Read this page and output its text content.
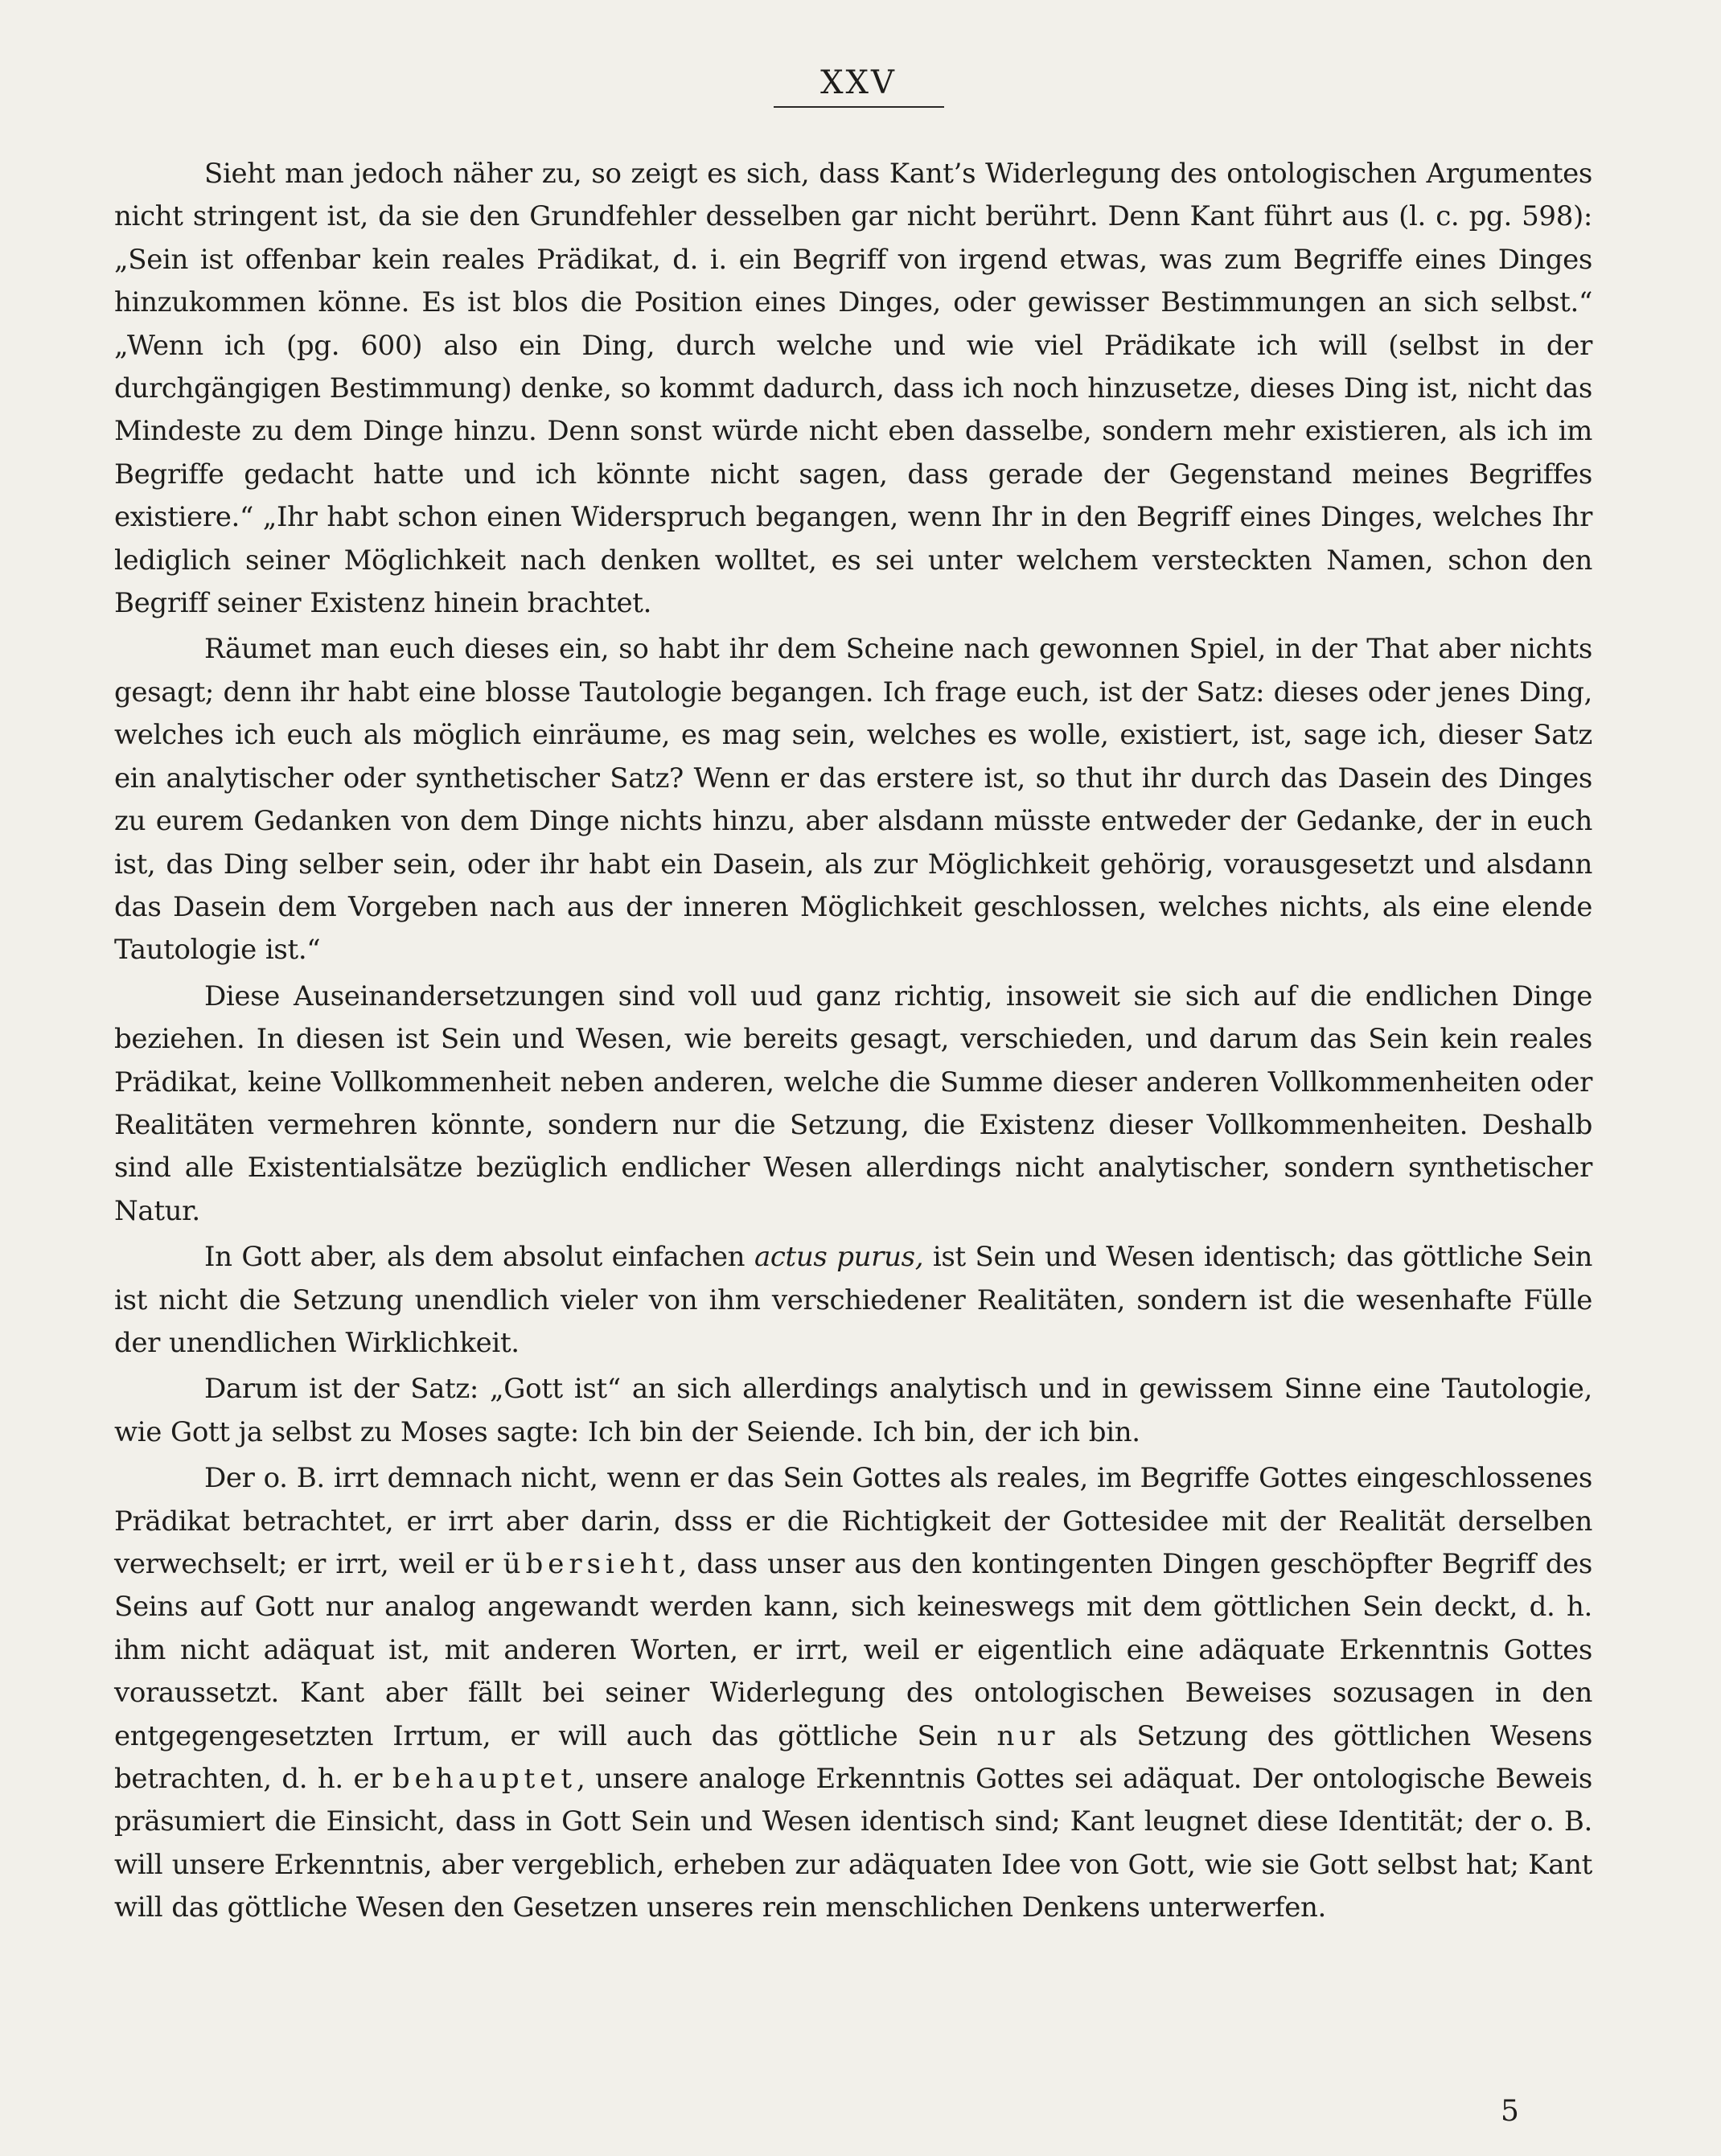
XXV

Sieht man jedoch näher zu, so zeigt es sich, dass Kant’s Widerlegung des ontologischen Argumentes nicht stringent ist, da sie den Grundfehler desselben gar nicht berührt. Denn Kant führt aus (l. c. pg. 598): „Sein ist offenbar kein reales Prädikat, d. i. ein Begriff von irgend etwas, was zum Begriffe eines Dinges hinzukommen könne. Es ist blos die Position eines Dinges, oder gewisser Bestimmungen an sich selbst.“ „Wenn ich (pg. 600) also ein Ding, durch welche und wie viel Prädikate ich will (selbst in der durchgängigen Bestimmung) denke, so kommt dadurch, dass ich noch hinzusetze, dieses Ding ist, nicht das Mindeste zu dem Dinge hinzu. Denn sonst würde nicht eben dasselbe, sondern mehr existieren, als ich im Begriffe gedacht hatte und ich könnte nicht sagen, dass gerade der Gegenstand meines Begriffes existiere.“ „Ihr habt schon einen Widerspruch begangen, wenn Ihr in den Begriff eines Dinges, welches Ihr lediglich seiner Möglichkeit nach denken wolltet, es sei unter welchem versteckten Namen, schon den Begriff seiner Existenz hinein brachtet.

Räumet man euch dieses ein, so habt ihr dem Scheine nach gewonnen Spiel, in der That aber nichts gesagt; denn ihr habt eine blosse Tautologie begangen. Ich frage euch, ist der Satz: dieses oder jenes Ding, welches ich euch als möglich einräume, es mag sein, welches es wolle, existiert, ist, sage ich, dieser Satz ein analytischer oder synthetischer Satz? Wenn er das erstere ist, so thut ihr durch das Dasein des Dinges zu eurem Gedanken von dem Dinge nichts hinzu, aber alsdann müsste entweder der Gedanke, der in euch ist, das Ding selber sein, oder ihr habt ein Dasein, als zur Möglichkeit gehörig, vorausgesetzt und alsdann das Dasein dem Vorgeben nach aus der inneren Möglichkeit geschlossen, welches nichts, als eine elende Tautologie ist.“

Diese Auseinandersetzungen sind voll uud ganz richtig, insoweit sie sich auf die endlichen Dinge beziehen. In diesen ist Sein und Wesen, wie bereits gesagt, verschieden, und darum das Sein kein reales Prädikat, keine Vollkommenheit neben anderen, welche die Summe dieser anderen Vollkommenheiten oder Realitäten vermehren könnte, sondern nur die Setzung, die Existenz dieser Vollkommenheiten. Deshalb sind alle Existentialsätze bezüglich endlicher Wesen allerdings nicht analytischer, sondern synthetischer Natur.

In Gott aber, als dem absolut einfachen actus purus, ist Sein und Wesen identisch; das göttliche Sein ist nicht die Setzung unendlich vieler von ihm verschiedener Realitäten, sondern ist die wesenhafte Fülle der unendlichen Wirklichkeit.

Darum ist der Satz: „Gott ist“ an sich allerdings analytisch und in gewissem Sinne eine Tautologie, wie Gott ja selbst zu Moses sagte: Ich bin der Seiende. Ich bin, der ich bin.

Der o. B. irrt demnach nicht, wenn er das Sein Gottes als reales, im Begriffe Gottes eingeschlossenes Prädikat betrachtet, er irrt aber darin, dsss er die Richtigkeit der Gottesidee mit der Realität derselben verwechselt; er irrt, weil er übersieht, dass unser aus den kontingenten Dingen geschöpfter Begriff des Seins auf Gott nur analog angewandt werden kann, sich keineswegs mit dem göttlichen Sein deckt, d. h. ihm nicht adäquat ist, mit anderen Worten, er irrt, weil er eigentlich eine adäquate Erkenntnis Gottes voraussetzt. Kant aber fällt bei seiner Widerlegung des ontologischen Beweises sozusagen in den entgegengesetzten Irrtum, er will auch das göttliche Sein nur als Setzung des göttlichen Wesens betrachten, d. h. er behauptet, unsere analoge Erkenntnis Gottes sei adäquat. Der ontologische Beweis präsumiert die Einsicht, dass in Gott Sein und Wesen identisch sind; Kant leugnet diese Identität; der o. B. will unsere Erkenntnis, aber vergeblich, erheben zur adäquaten Idee von Gott, wie sie Gott selbst hat; Kant will das göttliche Wesen den Gesetzen unseres rein menschlichen Denkens unterwerfen.

5
